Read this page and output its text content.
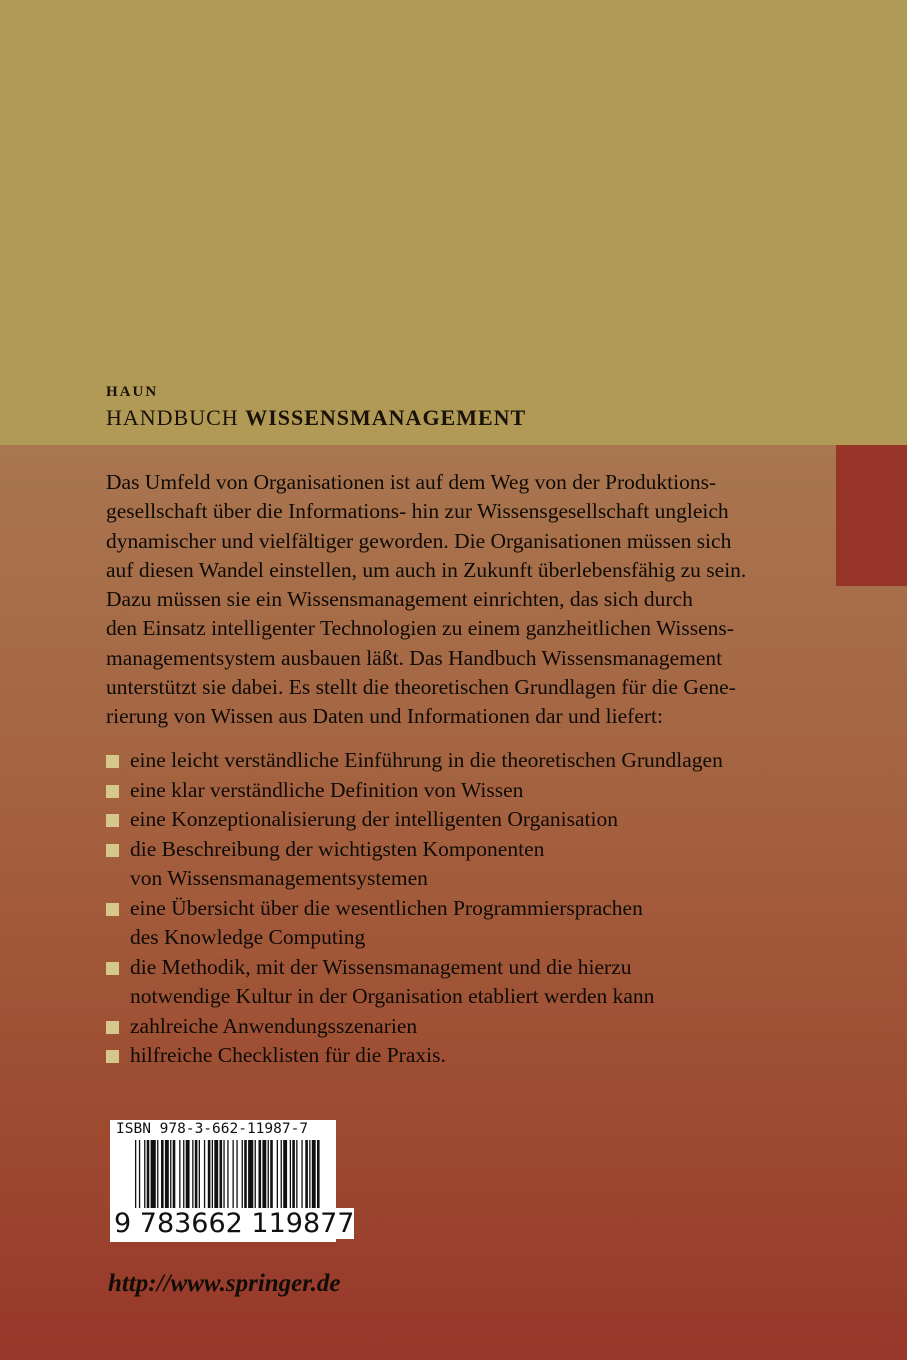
HAUN
HANDBUCH WISSENSMANAGEMENT
Das Umfeld von Organisationen ist auf dem Weg von der Produktions-
gesellschaft über die Informations- hin zur Wissensgesellschaft ungleich
dynamischer und vielfältiger geworden. Die Organisationen müssen sich
auf diesen Wandel einstellen, um auch in Zukunft überlebensfähig zu sein.
Dazu müssen sie ein Wissensmanagement einrichten, das sich durch
den Einsatz intelligenter Technologien zu einem ganzheitlichen Wissens-
managementsystem ausbauen läßt. Das Handbuch Wissensmanagement
unterstützt sie dabei. Es stellt die theoretischen Grundlagen für die Gene-
rierung von Wissen aus Daten und Informationen dar und liefert:
eine leicht verständliche Einführung in die theoretischen Grundlagen
eine klar verständliche Definition von Wissen
eine Konzeptionalisierung der intelligenten Organisation
die Beschreibung der wichtigsten Komponenten
von Wissensmanagementsystemen
eine Übersicht über die wesentlichen Programmiersprachen
des Knowledge Computing
die Methodik, mit der Wissensmanagement und die hierzu
notwendige Kultur in der Organisation etabliert werden kann
zahlreiche Anwendungsszenarien
hilfreiche Checklisten für die Praxis.
ISBN 978-3-662-11987-7
9 783662 119877
http://www.springer.de
